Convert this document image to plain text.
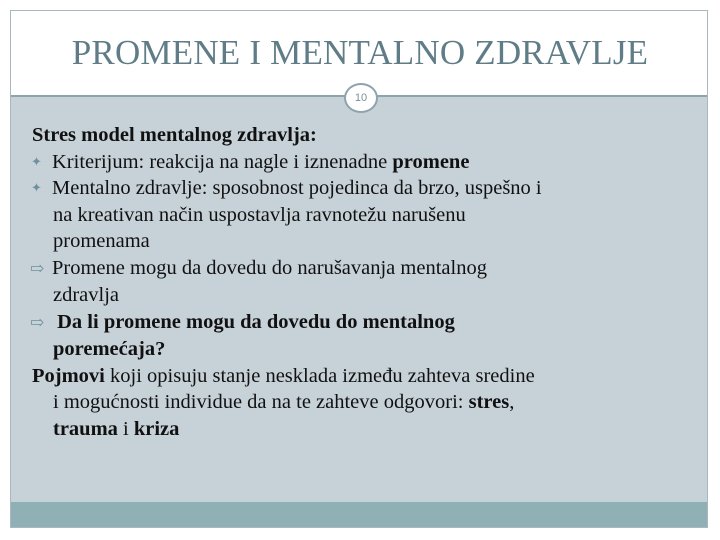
PROMENE I MENTALNO ZDRAVLJE
10
Stres model mentalnog zdravlja:
✦ Kriterijum: reakcija na nagle i iznenadne promene
✦ Mentalno zdravlje: sposobnost pojedinca da brzo, uspešno i
na kreativan način uspostavlja ravnotežu narušenu
promenama
⇨ Promene mogu da dovedu do narušavanja mentalnog
zdravlja
⇨ Da li promene mogu da dovedu do mentalnog
poremećaja?
Pojmovi koji opisuju stanje nesklada između zahteva sredine
i mogućnosti individue da na te zahteve odgovori: stres,
trauma i kriza
